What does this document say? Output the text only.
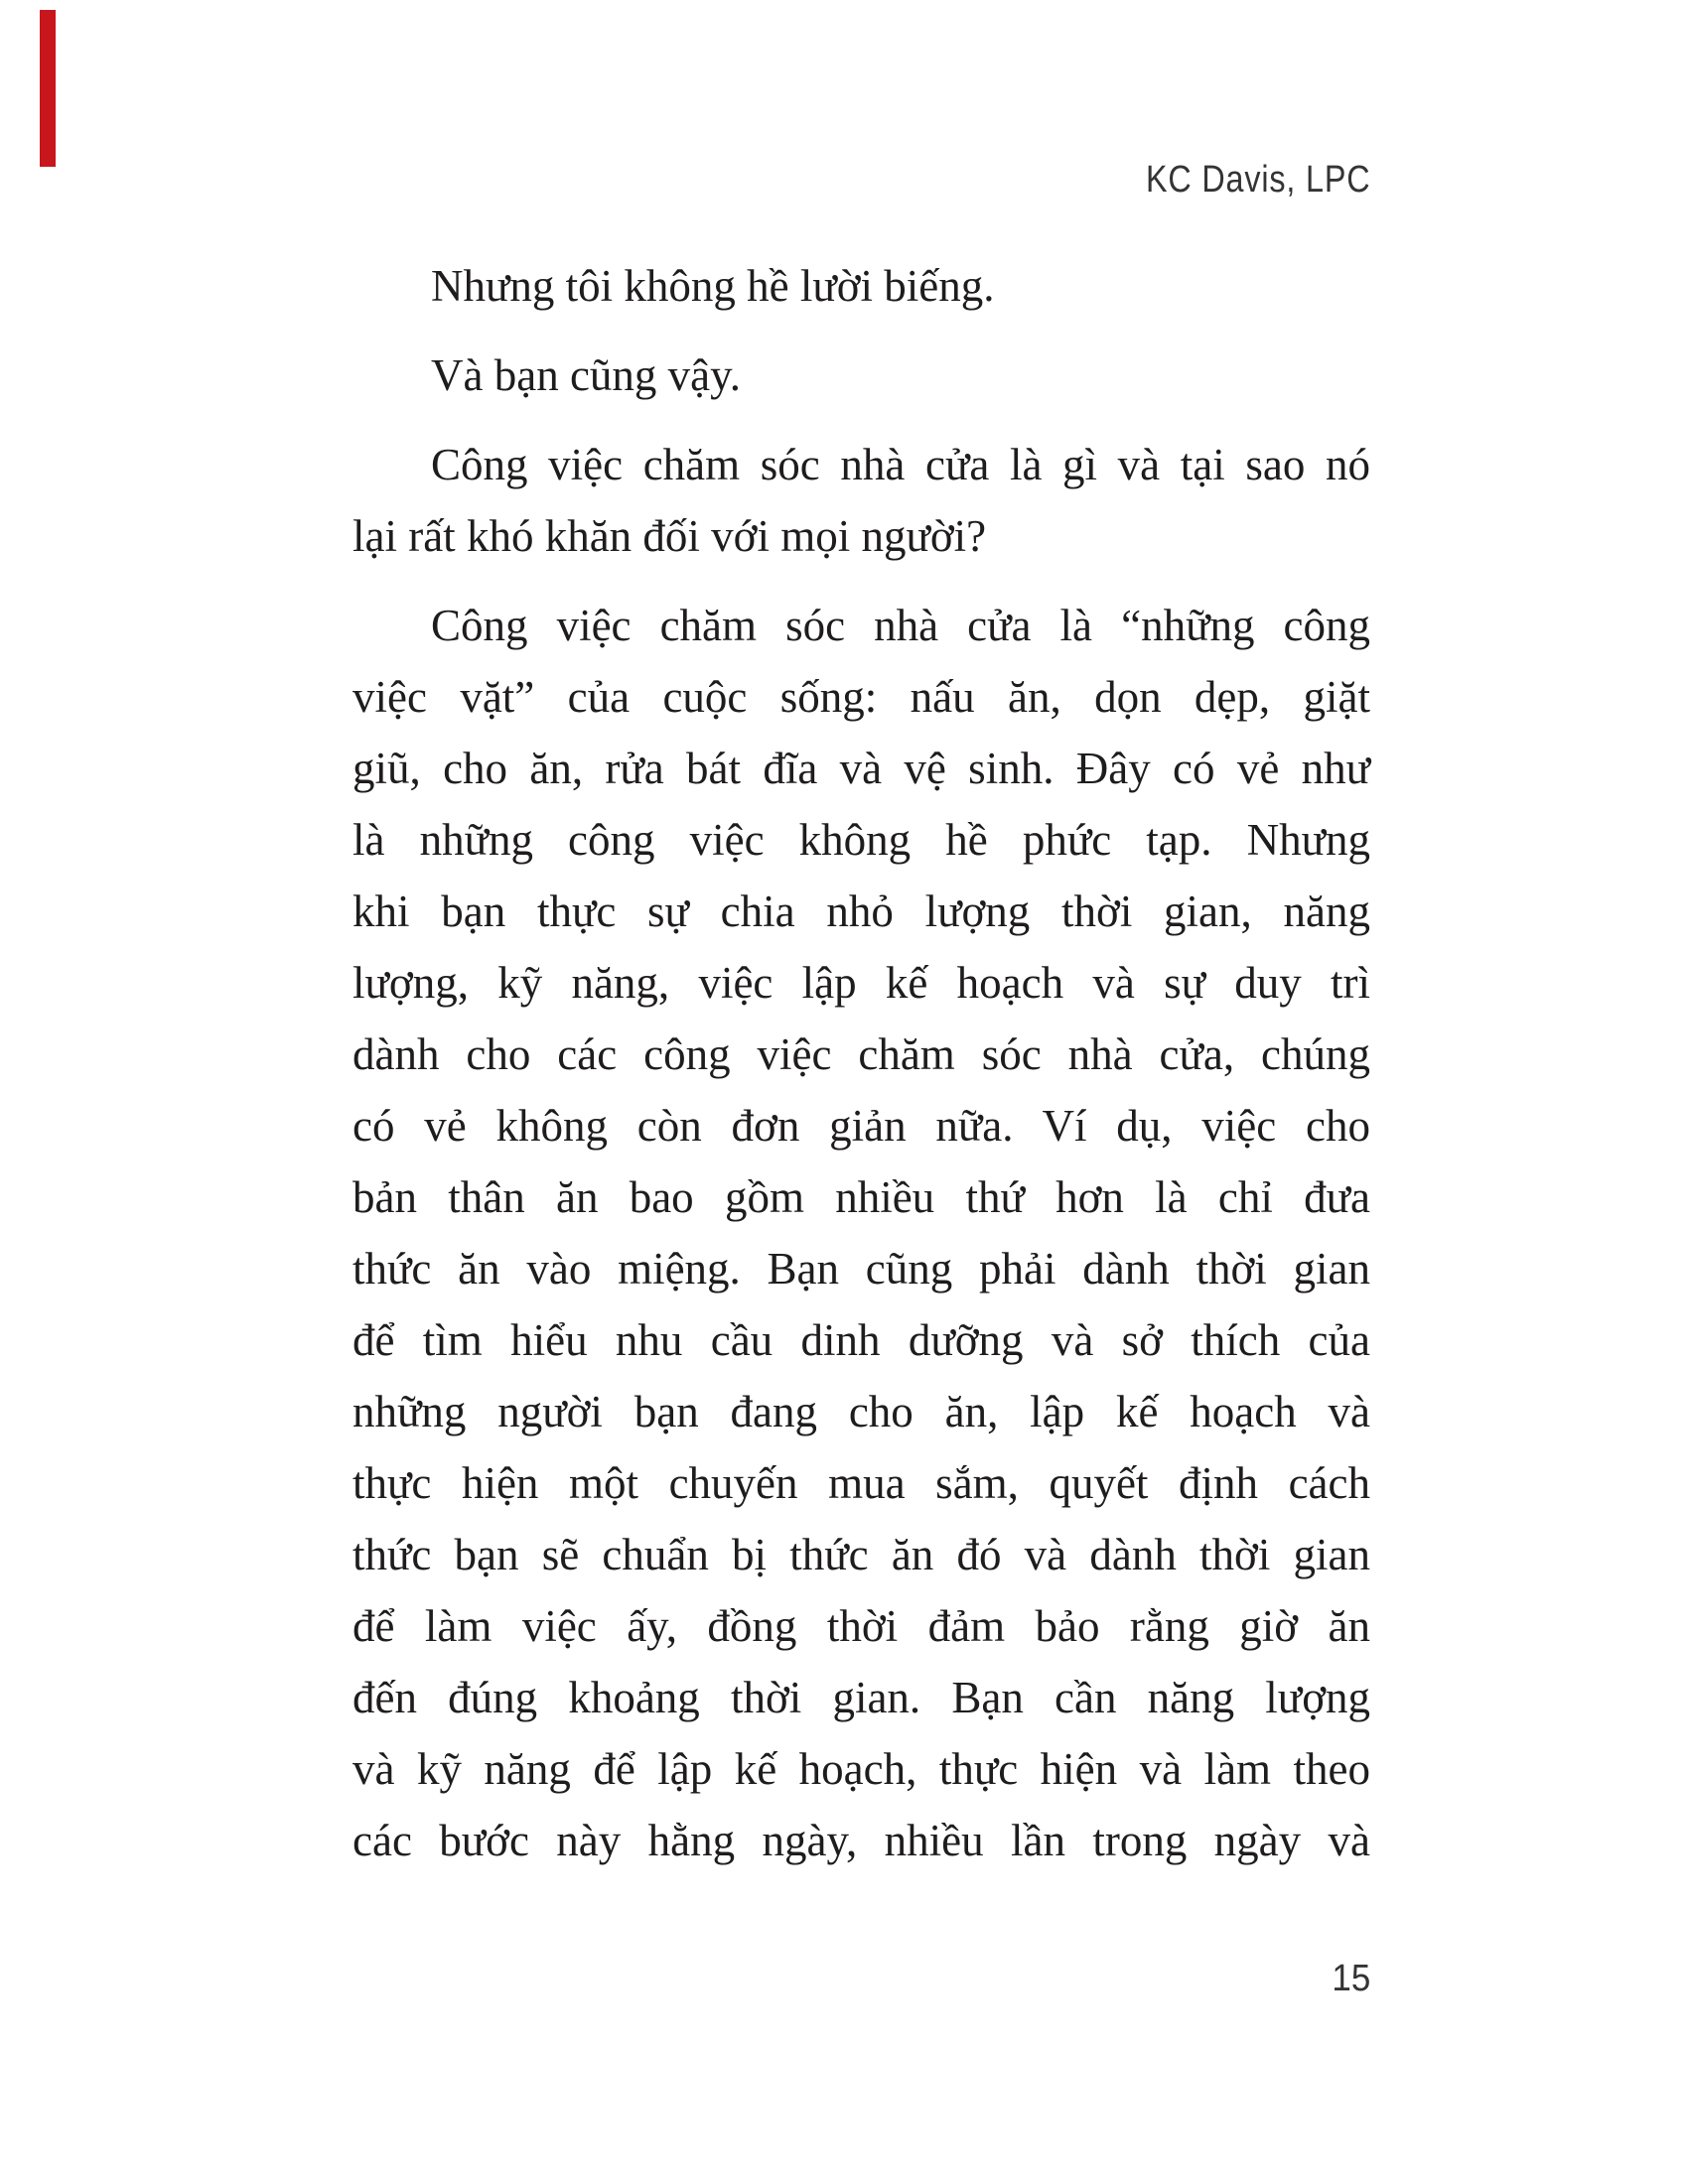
KC Davis, LPC
Nhưng tôi không hề lười biếng.
Và bạn cũng vậy.
Công việc chăm sóc nhà cửa là gì và tại sao nó
lại rất khó khăn đối với mọi người?
Công việc chăm sóc nhà cửa là “những công
việc vặt” của cuộc sống: nấu ăn, dọn dẹp, giặt
giũ, cho ăn, rửa bát đĩa và vệ sinh. Đây có vẻ như
là những công việc không hề phức tạp. Nhưng
khi bạn thực sự chia nhỏ lượng thời gian, năng
lượng, kỹ năng, việc lập kế hoạch và sự duy trì
dành cho các công việc chăm sóc nhà cửa, chúng
có vẻ không còn đơn giản nữa. Ví dụ, việc cho
bản thân ăn bao gồm nhiều thứ hơn là chỉ đưa
thức ăn vào miệng. Bạn cũng phải dành thời gian
để tìm hiểu nhu cầu dinh dưỡng và sở thích của
những người bạn đang cho ăn, lập kế hoạch và
thực hiện một chuyến mua sắm, quyết định cách
thức bạn sẽ chuẩn bị thức ăn đó và dành thời gian
để làm việc ấy, đồng thời đảm bảo rằng giờ ăn
đến đúng khoảng thời gian. Bạn cần năng lượng
và kỹ năng để lập kế hoạch, thực hiện và làm theo
các bước này hằng ngày, nhiều lần trong ngày và
15
